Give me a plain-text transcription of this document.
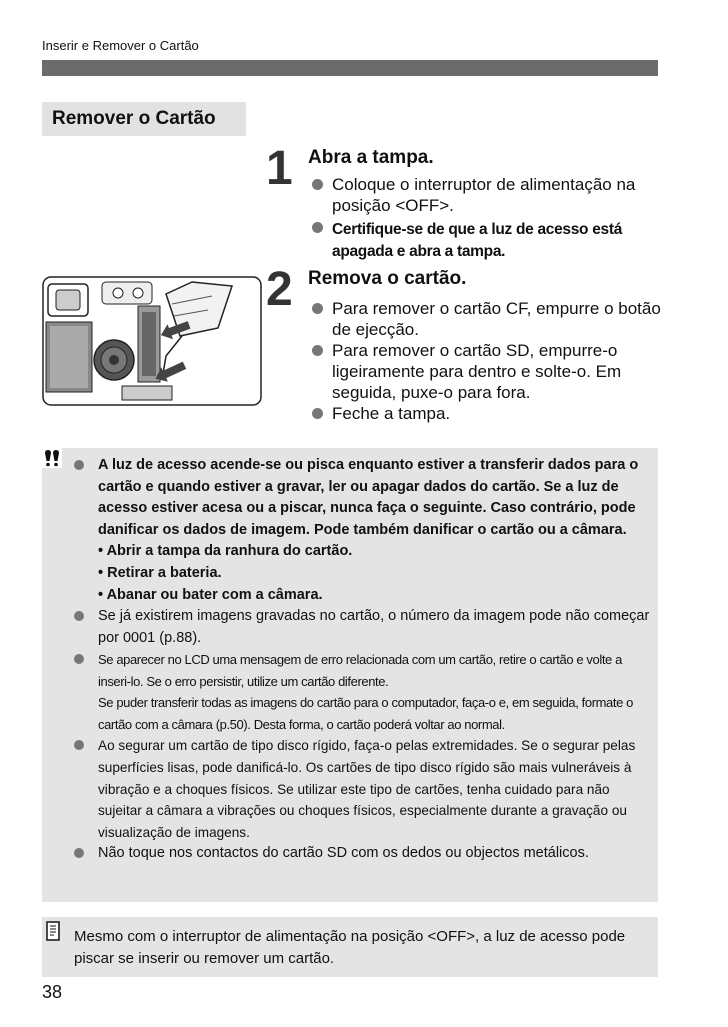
Inserir e Remover o Cartão
Remover o Cartão
1 Abra a tampa.
Coloque o interruptor de alimentação na posição <OFF>.
Certifique-se de que a luz de acesso está apagada e abra a tampa.
2 Remova o cartão.
Para remover o cartão CF, empurre o botão de ejecção.
Para remover o cartão SD, empurre-o ligeiramente para dentro e solte-o. Em seguida, puxe-o para fora.
Feche a tampa.
A luz de acesso acende-se ou pisca enquanto estiver a transferir dados para o cartão e quando estiver a gravar, ler ou apagar dados do cartão. Se a luz de acesso estiver acesa ou a piscar, nunca faça o seguinte. Caso contrário, pode danificar os dados de imagem. Pode também danificar o cartão ou a câmara.
• Abrir a tampa da ranhura do cartão.
• Retirar a bateria.
• Abanar ou bater com a câmara.
Se já existirem imagens gravadas no cartão, o número da imagem pode não começar por 0001 (p.88).
Se aparecer no LCD uma mensagem de erro relacionada com um cartão, retire o cartão e volte a inseri-lo. Se o erro persistir, utilize um cartão diferente.
Se puder transferir todas as imagens do cartão para o computador, faça-o e, em seguida, formate o cartão com a câmara (p.50). Desta forma, o cartão poderá voltar ao normal.
Ao segurar um cartão de tipo disco rígido, faça-o pelas extremidades. Se o segurar pelas superfícies lisas, pode danificá-lo. Os cartões de tipo disco rígido são mais vulneráveis à vibração e a choques físicos. Se utilizar este tipo de cartões, tenha cuidado para não sujeitar a câmara a vibrações ou choques físicos, especialmente durante a gravação ou visualização de imagens.
Não toque nos contactos do cartão SD com os dedos ou objectos metálicos.
Mesmo com o interruptor de alimentação na posição <OFF>, a luz de acesso pode piscar se inserir ou remover um cartão.
38
